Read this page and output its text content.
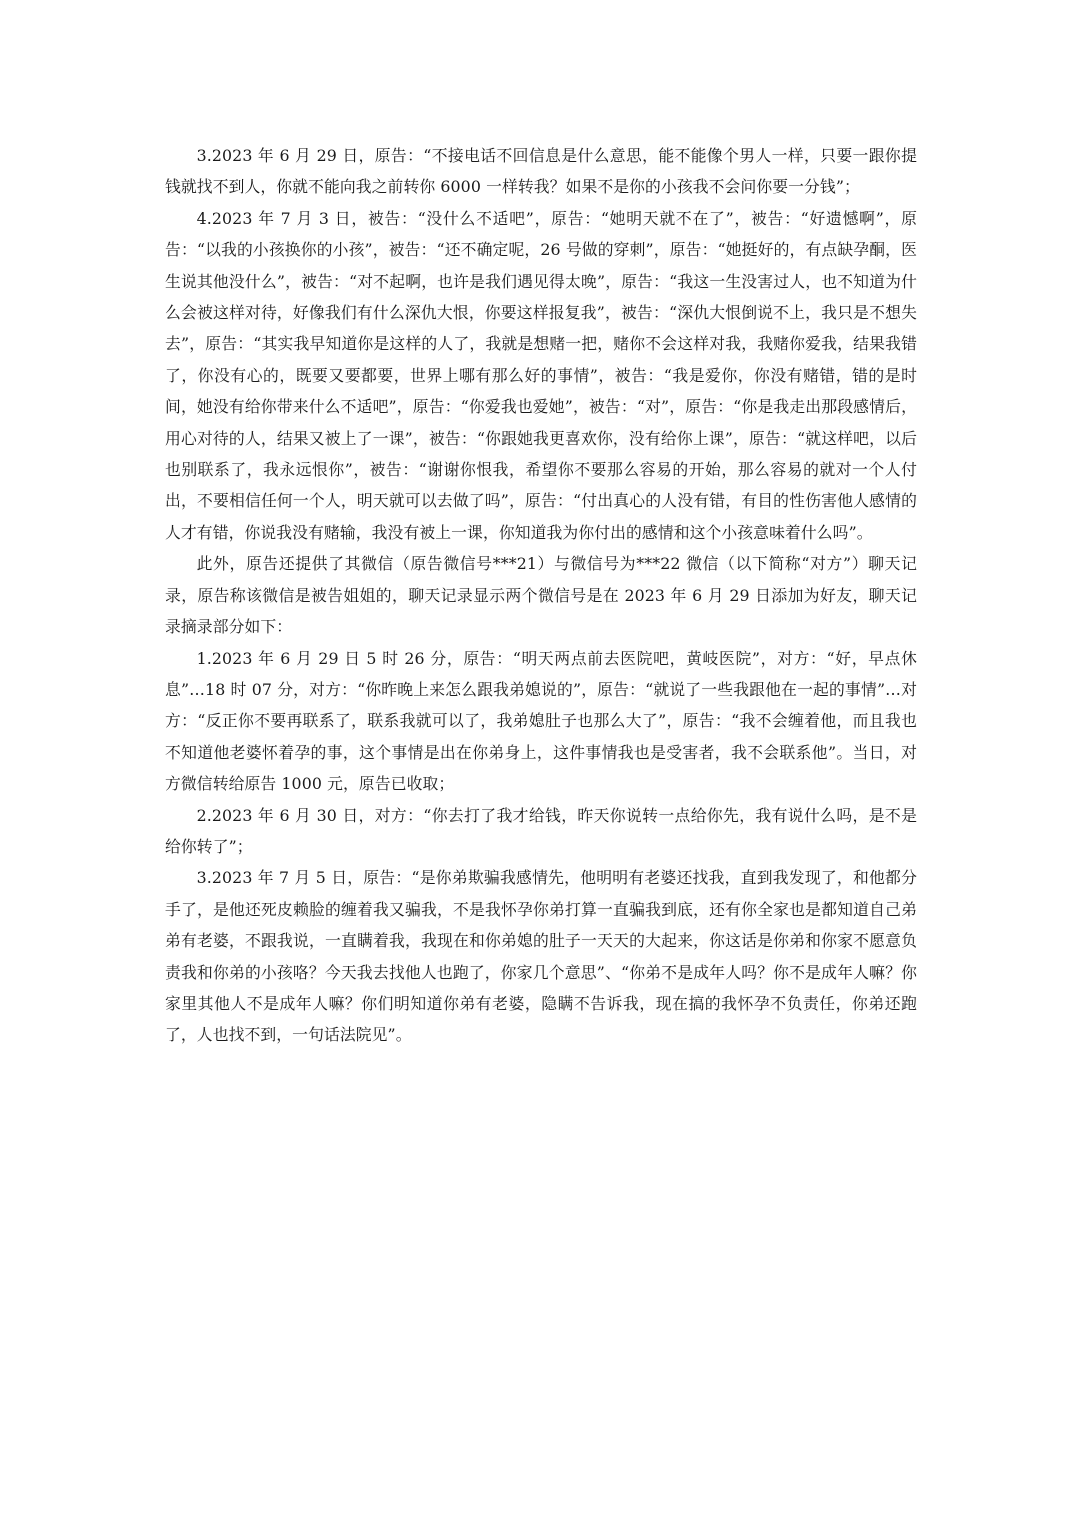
3.2023 年 6 月 29 日，原告：“不接电话不回信息是什么意思，能不能像个男人一样，只要一跟你提钱就找不到人，你就不能向我之前转你 6000 一样转我？如果不是你的小孩我不会问你要一分钱”；

4.2023 年 7 月 3 日，被告：“没什么不适吧”，原告：“她明天就不在了”，被告：“好遗憾啊”，原告：“以我的小孩换你的小孩”，被告：“还不确定呢，26 号做的穿刺”，原告：“她挺好的，有点缺孕酮，医生说其他没什么”，被告：“对不起啊，也许是我们遇见得太晚”，原告：“我这一生没害过人，也不知道为什么会被这样对待，好像我们有什么深仇大恨，你要这样报复我”，被告：“深仇大恨倒说不上，我只是不想失去”，原告：“其实我早知道你是这样的人了，我就是想赌一把，赌你不会这样对我，我赌你爱我，结果我错了，你没有心的，既要又要都要，世界上哪有那么好的事情”，被告：“我是爱你，你没有赌错，错的是时间，她没有给你带来什么不适吧”，原告：“你爱我也爱她”，被告：“对”，原告：“你是我走出那段感情后，用心对待的人，结果又被上了一课”，被告：“你跟她我更喜欢你，没有给你上课”，原告：“就这样吧，以后也别联系了，我永远恨你”，被告：“谢谢你恨我，希望你不要那么容易的开始，那么容易的就对一个人付出，不要相信任何一个人，明天就可以去做了吗”，原告：“付出真心的人没有错，有目的性伤害他人感情的人才有错，你说我没有赌输，我没有被上一课，你知道我为你付出的感情和这个小孩意味着什么吗”。

此外，原告还提供了其微信（原告微信号***21）与微信号为***22 微信（以下简称“对方”）聊天记录，原告称该微信是被告姐姐的，聊天记录显示两个微信号是在 2023 年 6 月 29 日添加为好友，聊天记录摘录部分如下：

1.2023 年 6 月 29 日 5 时 26 分，原告：“明天两点前去医院吧，黄岐医院”，对方：“好，早点休息”…18 时 07 分，对方：“你昨晚上来怎么跟我弟媳说的”，原告：“就说了一些我跟他在一起的事情”…对方：“反正你不要再联系了，联系我就可以了，我弟媳肚子也那么大了”，原告：“我不会缠着他，而且我也不知道他老婆怀着孕的事，这个事情是出在你弟身上，这件事情我也是受害者，我不会联系他”。当日，对方微信转给原告 1000 元，原告已收取；

2.2023 年 6 月 30 日，对方：“你去打了我才给钱，昨天你说转一点给你先，我有说什么吗，是不是给你转了”；

3.2023 年 7 月 5 日，原告：“是你弟欺骗我感情先，他明明有老婆还找我，直到我发现了，和他都分手了，是他还死皮赖脸的缠着我又骗我，不是我怀孕你弟打算一直骗我到底，还有你全家也是都知道自己弟弟有老婆，不跟我说，一直瞒着我，我现在和你弟媳的肚子一天天的大起来，你这话是你弟和你家不愿意负责我和你弟的小孩咯？今天我去找他人也跑了，你家几个意思”、“你弟不是成年人吗？你不是成年人嘛？你家里其他人不是成年人嘛？你们明知道你弟有老婆，隐瞒不告诉我，现在搞的我怀孕不负责任，你弟还跑了，人也找不到，一句话法院见”。
